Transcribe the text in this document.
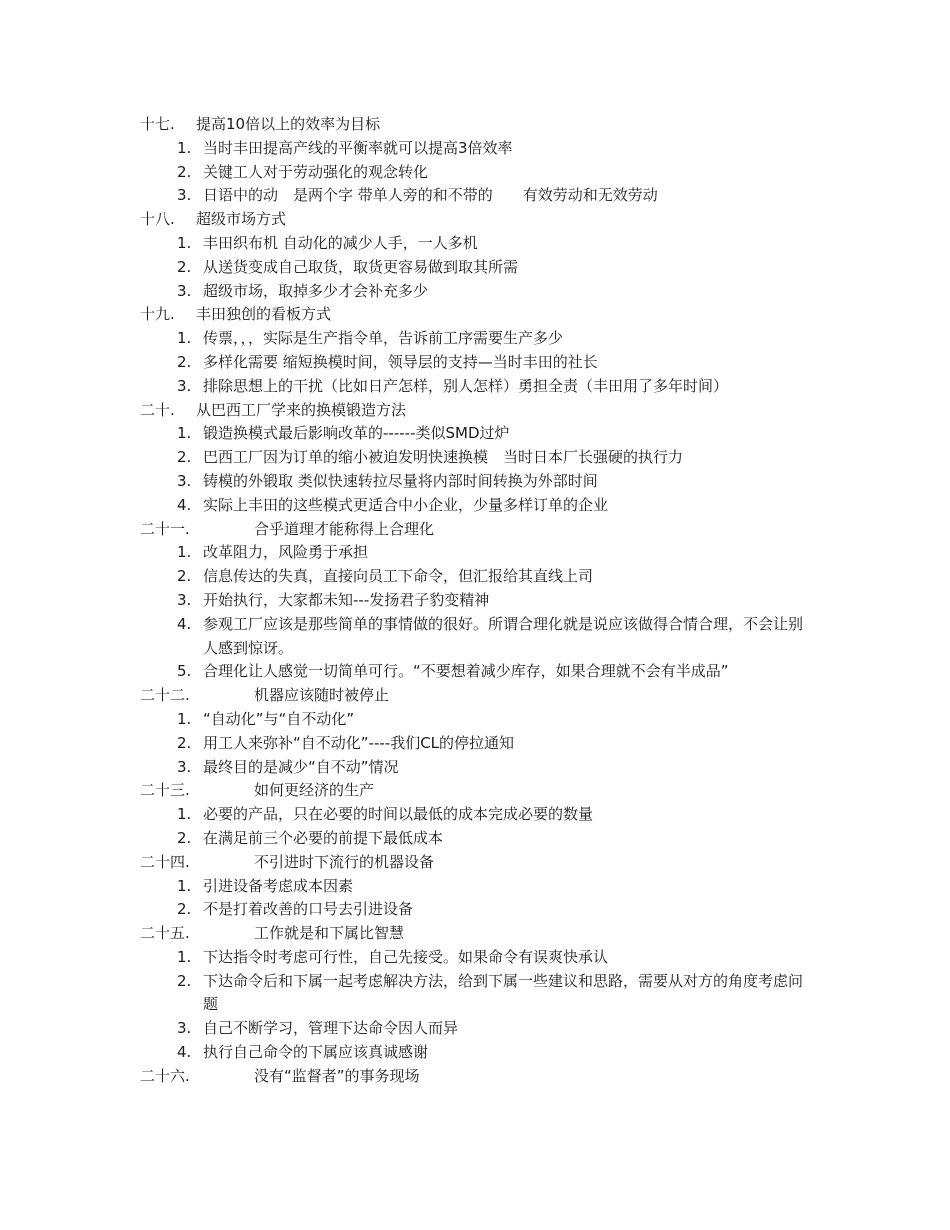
十七.	提高10倍以上的效率为目标
1. 当时丰田提高产线的平衡率就可以提高3倍效率
2. 关键工人对于劳动强化的观念转化
3. 日语中的动　是两个字 带单人旁的和不带的　　有效劳动和无效劳动
十八.	超级市场方式
1. 丰田织布机 自动化的减少人手，一人多机
2. 从送货变成自己取货，取货更容易做到取其所需
3. 超级市场，取掉多少才会补充多少
十九.	丰田独创的看板方式
1. 传票，，，实际是生产指令单，告诉前工序需要生产多少
2. 多样化需要 缩短换模时间，领导层的支持—当时丰田的社长
3. 排除思想上的干扰（比如日产怎样，别人怎样）勇担全责（丰田用了多年时间）
二十.	从巴西工厂学来的换模锻造方法
1. 锻造换模式最后影响改革的------类似SMD过炉
2. 巴西工厂因为订单的缩小被迫发明快速换模　当时日本厂长强硬的执行力
3. 铸模的外锻取 类似快速转拉尽量将内部时间转换为外部时间
4. 实际上丰田的这些模式更适合中小企业，少量多样订单的企业
二十一.	合乎道理才能称得上合理化
1. 改革阻力，风险勇于承担
2. 信息传达的失真，直接向员工下命令，但汇报给其直线上司
3. 开始执行，大家都未知---发扬君子豹变精神
4. 参观工厂应该是那些简单的事情做的很好。所谓合理化就是说应该做得合情合理，不会让别人感到惊讶。
5. 合理化让人感觉一切简单可行。“不要想着减少库存，如果合理就不会有半成品”
二十二.	机器应该随时被停止
1. “自动化”与“自不动化”
2. 用工人来弥补“自不动化”----我们CL的停拉通知
3. 最终目的是减少“自不动”情况
二十三.	如何更经济的生产
1. 必要的产品，只在必要的时间以最低的成本完成必要的数量
2. 在满足前三个必要的前提下最低成本
二十四.	不引进时下流行的机器设备
1. 引进设备考虑成本因素
2. 不是打着改善的口号去引进设备
二十五.	工作就是和下属比智慧
1. 下达指令时考虑可行性，自己先接受。如果命令有误爽快承认
2. 下达命令后和下属一起考虑解决方法，给到下属一些建议和思路，需要从对方的角度考虑问题
3. 自己不断学习，管理下达命令因人而异
4. 执行自己命令的下属应该真诚感谢
二十六.	没有“监督者”的事务现场
